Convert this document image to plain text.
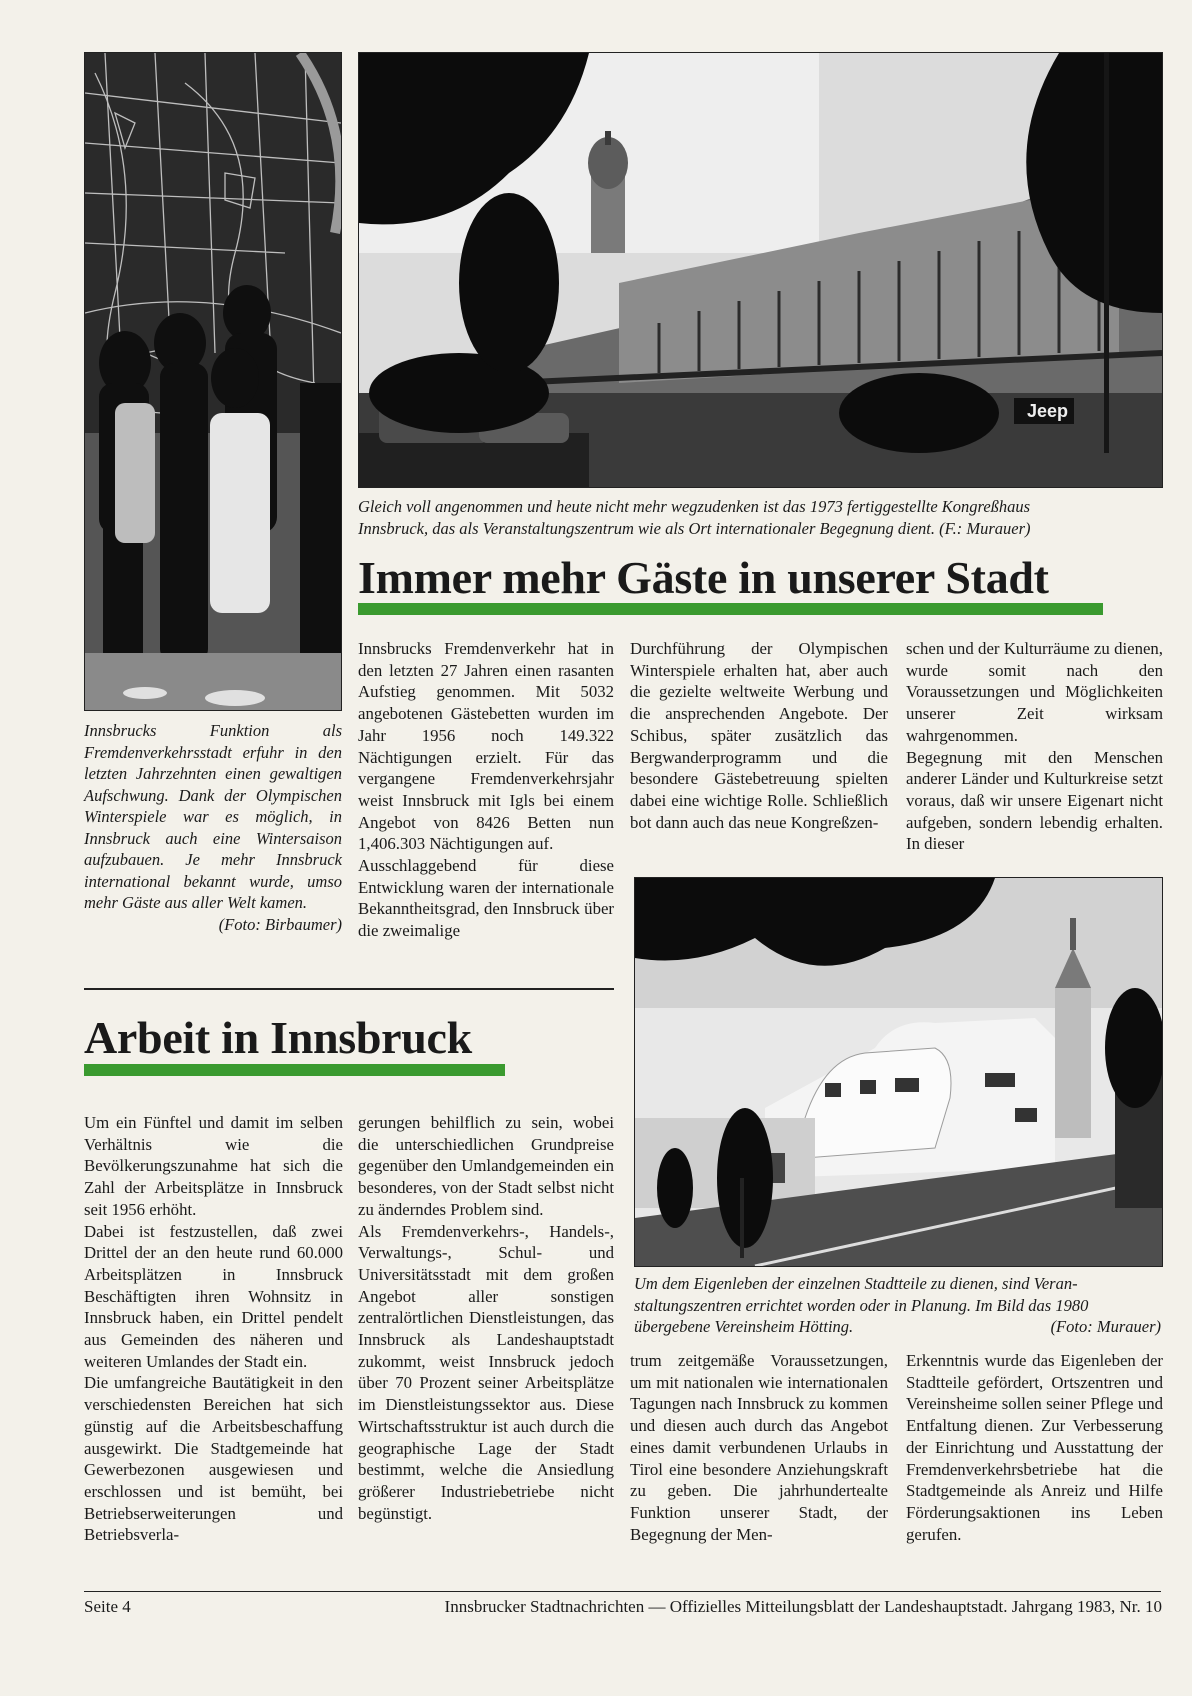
Jeep
Gleich voll angenommen und heute nicht mehr wegzudenken ist das 1973 fertiggestellte Kongreßhaus
Innsbruck, das als Veranstaltungszentrum wie als Ort internationaler Begegnung dient. (F.: Murauer)
Immer mehr Gäste in unserer Stadt
Innsbrucks Funktion als Fremdenverkehrsstadt erfuhr in den letzten Jahrzehnten einen gewaltigen Aufschwung. Dank der Olympischen Winterspiele war es möglich, in Innsbruck auch eine Wintersaison aufzubauen. Je mehr Innsbruck international bekannt wurde, umso mehr Gäste aus aller Welt kamen.
(Foto: Birbaumer)

Innsbrucks Fremdenverkehr hat in den letzten 27 Jahren einen rasanten Aufstieg genommen. Mit 5032 angebotenen Gästebetten wurden im Jahr 1956 noch 149.322 Nächtigungen erzielt. Für das vergangene Fremdenverkehrsjahr weist Innsbruck mit Igls bei einem Angebot von 8426 Betten nun 1,406.303 Nächtigungen auf.

Ausschlaggebend für diese Entwicklung waren der internationale Bekanntheitsgrad, den Innsbruck über die zweimalige

Durchführung der Olympischen Winterspiele erhalten hat, aber auch die gezielte weltweite Werbung und die ansprechenden Angebote. Der Schibus, später zusätzlich das Bergwanderprogramm und die besondere Gästebetreuung spielten dabei eine wichtige Rolle. Schließlich bot dann auch das neue Kongreßzen-

schen und der Kulturräume zu dienen, wurde somit nach den Voraussetzungen und Möglichkeiten unserer Zeit wirksam wahrgenommen.

Begegnung mit den Menschen anderer Länder und Kulturkreise setzt voraus, daß wir unsere Eigenart nicht aufgeben, sondern lebendig erhalten. In dieser

Arbeit in Innsbruck

Um ein Fünftel und damit im selben Verhältnis wie die Bevölkerungszunahme hat sich die Zahl der Arbeitsplätze in Innsbruck seit 1956 erhöht.

Dabei ist festzustellen, daß zwei Drittel der an den heute rund 60.000 Arbeitsplätzen in Innsbruck Beschäftigten ihren Wohnsitz in Innsbruck haben, ein Drittel pendelt aus Gemeinden des näheren und weiteren Umlandes der Stadt ein.

Die umfangreiche Bautätigkeit in den verschiedensten Bereichen hat sich günstig auf die Arbeitsbeschaffung ausgewirkt. Die Stadtgemeinde hat Gewerbezonen ausgewiesen und erschlossen und ist bemüht, bei Betriebserweiterungen und Betriebsverla-

gerungen behilflich zu sein, wobei die unterschiedlichen Grundpreise gegenüber den Umlandgemeinden ein besonderes, von der Stadt selbst nicht zu änderndes Problem sind.

Als Fremdenverkehrs-, Handels-, Verwaltungs-, Schul- und Universitätsstadt mit dem großen Angebot aller sonstigen zentralörtlichen Dienstleistungen, das Innsbruck als Landeshauptstadt zukommt, weist Innsbruck jedoch über 70 Prozent seiner Arbeitsplätze im Dienstleistungssektor aus. Diese Wirtschaftsstruktur ist auch durch die geographische Lage der Stadt bestimmt, welche die Ansiedlung größerer Industriebetriebe nicht begünstigt.

Um dem Eigenleben der einzelnen Stadtteile zu dienen, sind Veran-
staltungszentren errichtet worden oder in Planung. Im Bild das 1980
übergebene Vereinsheim Hötting.	(Foto: Murauer)

trum zeitgemäße Voraussetzungen, um mit nationalen wie internationalen Tagungen nach Innsbruck zu kommen und diesen auch durch das Angebot eines damit verbundenen Urlaubs in Tirol eine besondere Anziehungskraft zu geben. Die jahrhundertealte Funktion unserer Stadt, der Begegnung der Men-

Erkenntnis wurde das Eigenleben der Stadtteile gefördert, Ortszentren und Vereinsheime sollen seiner Pflege und Entfaltung dienen. Zur Verbesserung der Einrichtung und Ausstattung der Fremdenverkehrsbetriebe hat die Stadtgemeinde als Anreiz und Hilfe Förderungsaktionen ins Leben gerufen.

Seite 4	Innsbrucker Stadtnachrichten — Offizielles Mitteilungsblatt der Landeshauptstadt. Jahrgang 1983, Nr. 10
